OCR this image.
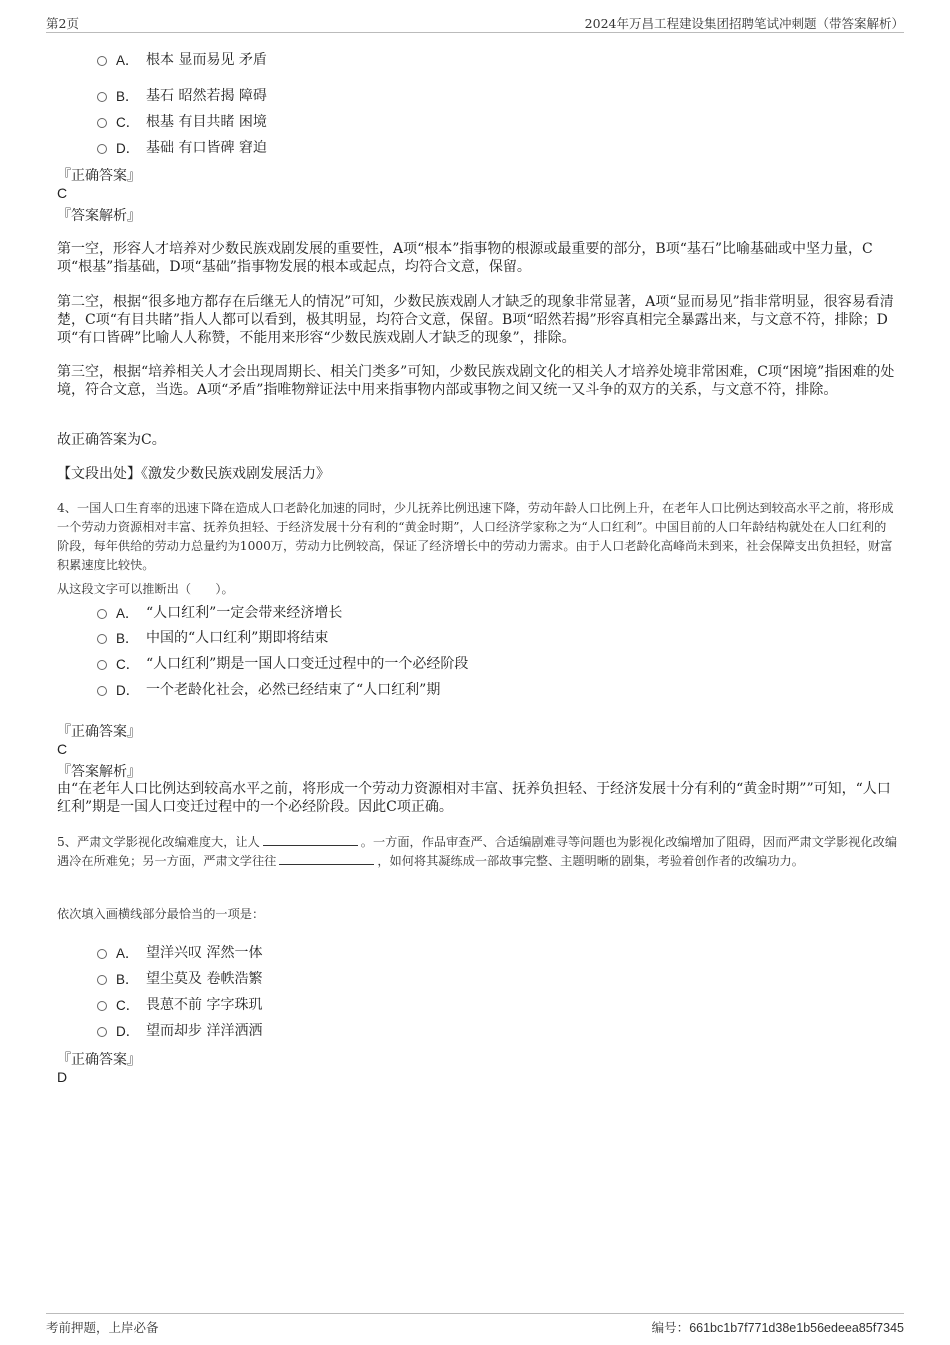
第2页	2024年万昌工程建设集团招聘笔试冲刺题（带答案解析）
A． 根本 显而易见 矛盾
B． 基石 昭然若揭 障碍
C． 根基 有目共睹 困境
D． 基础 有口皆碑 窘迫
『正确答案』
C
『答案解析』
第一空，形容人才培养对少数民族戏剧发展的重要性，A项“根本”指事物的根源或最重要的部分，B项“基石”比喻基础或中坚力量，C项“根基”指基础，D项“基础”指事物发展的根本或起点，均符合文意，保留。
第二空，根据“很多地方都存在后继无人的情况”可知，少数民族戏剧人才缺乏的现象非常显著，A项“显而易见”指非常明显，很容易看清楚，C项“有目共睹”指人人都可以看到，极其明显，均符合文意，保留。B项“昭然若揭”形容真相完全暴露出来，与文意不符，排除；D项“有口皆碑”比喻人人称赞，不能用来形容“少数民族戏剧人才缺乏的现象”，排除。
第三空，根据“培养相关人才会出现周期长、相关门类多”可知，少数民族戏剧文化的相关人才培养处境非常困难，C项“困境”指困难的处境，符合文意，当选。A项“矛盾”指唯物辩证法中用来指事物内部或事物之间又统一又斗争的双方的关系，与文意不符，排除。
故正确答案为C。
【文段出处】《激发少数民族戏剧发展活力》
4、一国人口生育率的迅速下降在造成人口老龄化加速的同时，少儿抚养比例迅速下降，劳动年龄人口比例上升，在老年人口比例达到较高水平之前，将形成一个劳动力资源相对丰富、抚养负担轻、于经济发展十分有利的“黄金时期”，人口经济学家称之为“人口红利”。中国目前的人口年龄结构就处在人口红利的阶段，每年供给的劳动力总量约为1000万，劳动力比例较高，保证了经济增长中的劳动力需求。由于人口老龄化高峰尚未到来，社会保障支出负担轻，财富积累速度比较快。
从这段文字可以推断出（　　）。
A． “人口红利”一定会带来经济增长
B． 中国的“人口红利”期即将结束
C． “人口红利”期是一国人口变迁过程中的一个必经阶段
D． 一个老龄化社会，必然已经结束了“人口红利”期
『正确答案』
C
『答案解析』
由“在老年人口比例达到较高水平之前，将形成一个劳动力资源相对丰富、抚养负担轻、于经济发展十分有利的“黄金时期””可知，“人口红利”期是一国人口变迁过程中的一个必经阶段。因此C项正确。
5、严肃文学影视化改编难度大，让人	。一方面，作品审查严、合适编剧难寻等问题也为影视化改编增加了阻碍，因而严肃文学影视化改编遇冷在所难免；另一方面，严肃文学往往	，如何将其凝练成一部故事完整、主题明晰的剧集，考验着创作者的改编功力。
依次填入画横线部分最恰当的一项是：
A． 望洋兴叹 浑然一体
B． 望尘莫及 卷帙浩繁
C． 畏葸不前 字字珠玑
D． 望而却步 洋洋洒洒
『正确答案』
D
考前押题，上岸必备	编号：661bc1b7f771d38e1b56edeea85f7345
